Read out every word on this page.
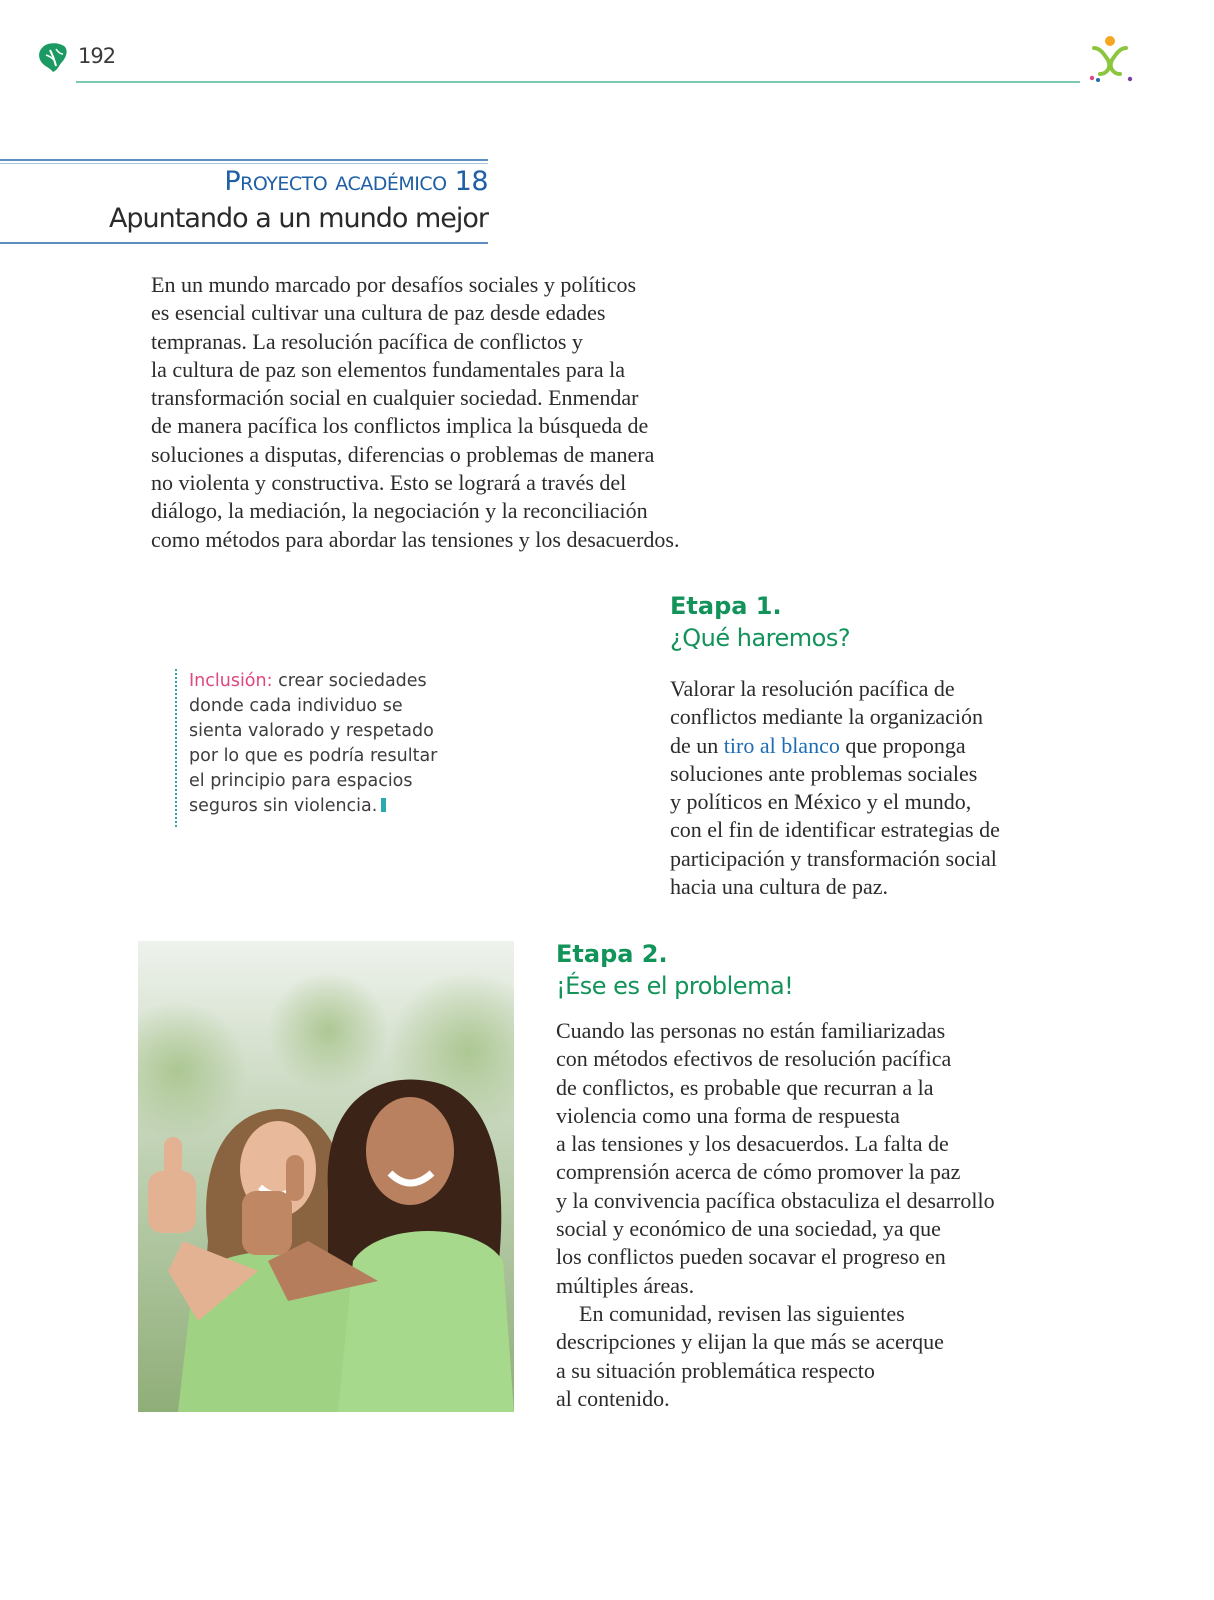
192
Proyecto académico 18
Apuntando a un mundo mejor

En un mundo marcado por desafíos sociales y políticos
es esencial cultivar una cultura de paz desde edades
tempranas. La resolución pacífica de conflictos y
la cultura de paz son elementos fundamentales para la
transformación social en cualquier sociedad. Enmendar
de manera pacífica los conflictos implica la búsqueda de
soluciones a disputas, diferencias o problemas de manera
no violenta y constructiva. Esto se logrará a través del
diálogo, la mediación, la negociación y la reconciliación
como métodos para abordar las tensiones y los desacuerdos.

Inclusión: crear sociedades
donde cada individuo se
sienta valorado y respetado
por lo que es podría resultar
el principio para espacios
seguros sin violencia.
Etapa 1.
¿Qué haremos?

Valorar la resolución pacífica de
conflictos mediante la organización
de un tiro al blanco que proponga
soluciones ante problemas sociales
y políticos en México y el mundo,
con el fin de identificar estrategias de
participación y transformación social
hacia una cultura de paz.

Etapa 2.
¡Ése es el problema!

Cuando las personas no están familiarizadas
con métodos efectivos de resolución pacífica
de conflictos, es probable que recurran a la
violencia como una forma de respuesta
a las tensiones y los desacuerdos. La falta de
comprensión acerca de cómo promover la paz
y la convivencia pacífica obstaculiza el desarrollo
social y económico de una sociedad, ya que
los conflictos pueden socavar el progreso en
múltiples áreas.
En comunidad, revisen las siguientes
descripciones y elijan la que más se acerque
a su situación problemática respecto
al contenido.
